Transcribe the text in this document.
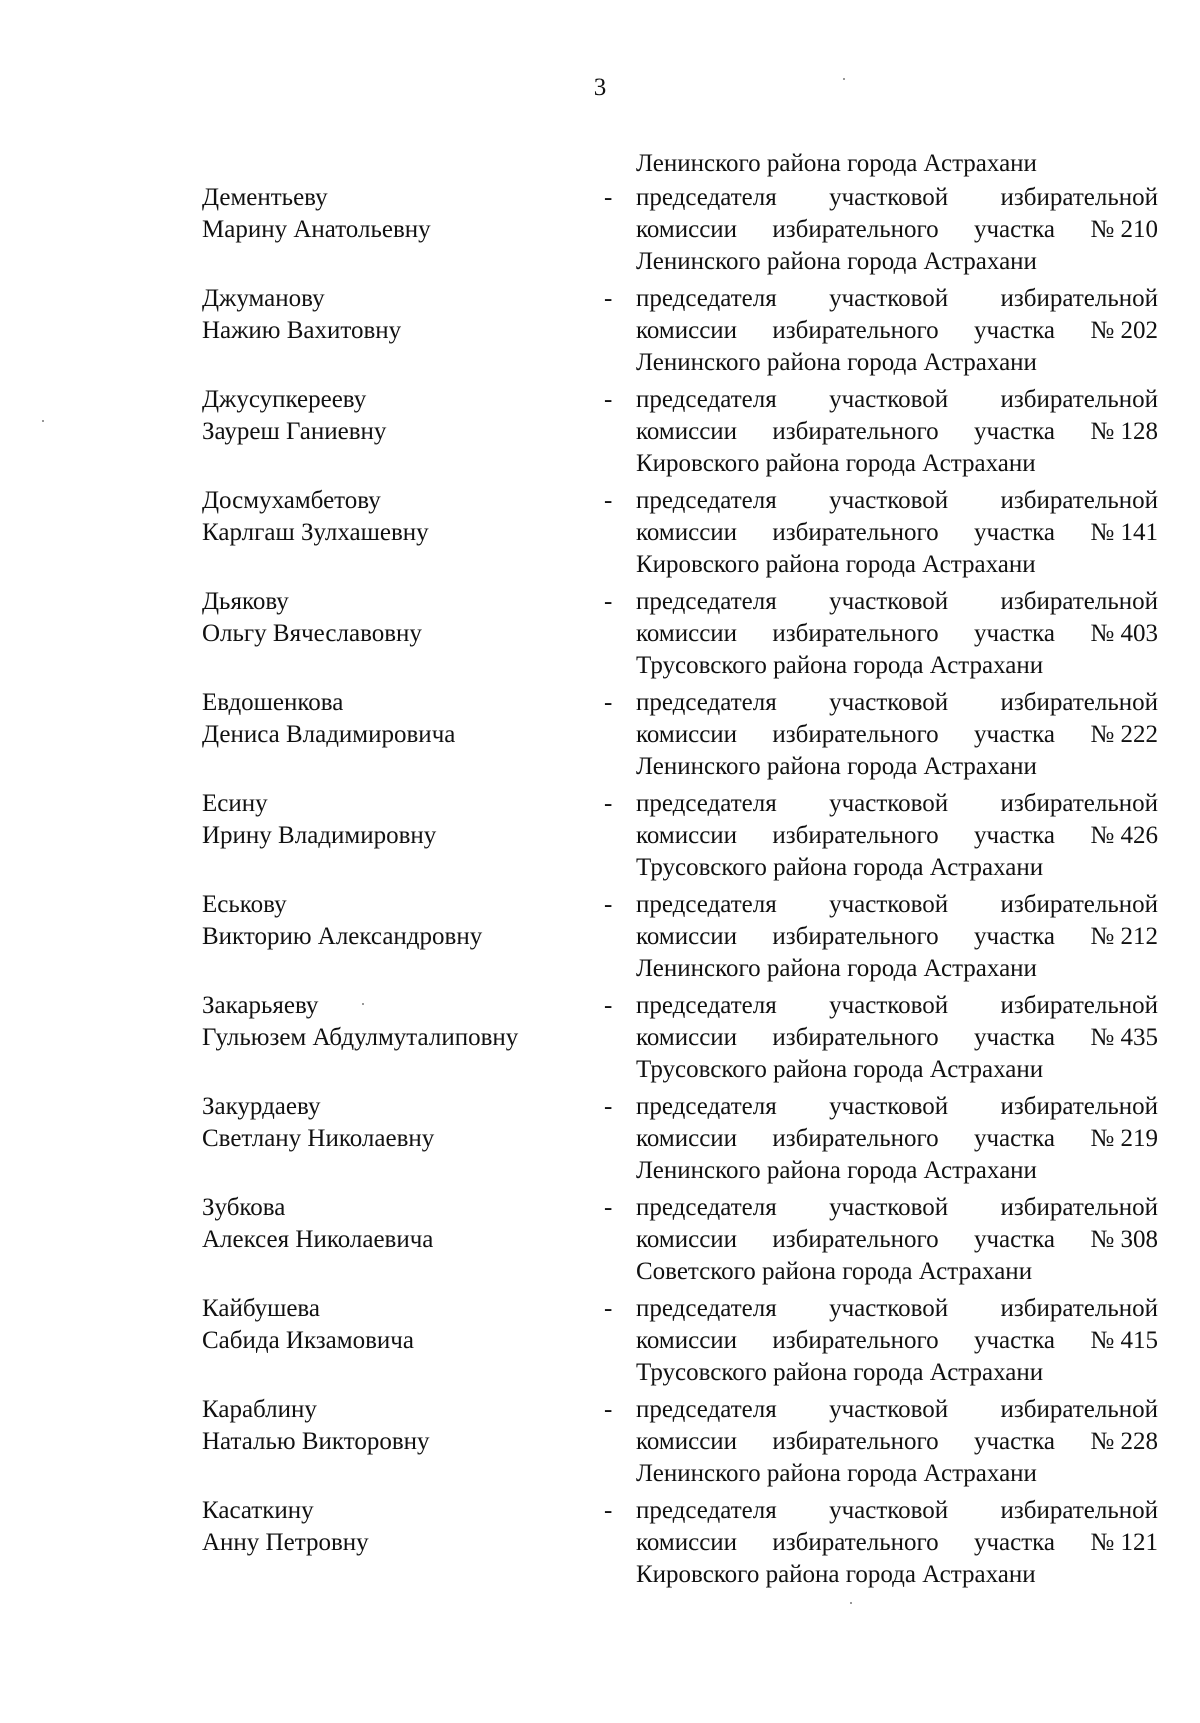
3
Ленинского района города Астрахани
Дементьеву
Марину Анатольевну
- председателя участковой избирательной
комиссии избирательного участка № 210
Ленинского района города Астрахани
Джуманову
Нажию Вахитовну
- председателя участковой избирательной
комиссии избирательного участка № 202
Ленинского района города Астрахани
Джусупкерееву
Зауреш Ганиевну
- председателя участковой избирательной
комиссии избирательного участка № 128
Кировского района города Астрахани
Досмухамбетову
Карлгаш Зулхашевну
- председателя участковой избирательной
комиссии избирательного участка № 141
Кировского района города Астрахани
Дьякову
Ольгу Вячеславовну
- председателя участковой избирательной
комиссии избирательного участка № 403
Трусовского района города Астрахани
Евдошенкова
Дениса Владимировича
- председателя участковой избирательной
комиссии избирательного участка № 222
Ленинского района города Астрахани
Есину
Ирину Владимировну
- председателя участковой избирательной
комиссии избирательного участка № 426
Трусовского района города Астрахани
Еськову
Викторию Александровну
- председателя участковой избирательной
комиссии избирательного участка № 212
Ленинского района города Астрахани
Закарьяеву
Гульюзем Абдулмуталиповну
- председателя участковой избирательной
комиссии избирательного участка № 435
Трусовского района города Астрахани
Закурдаеву
Светлану Николаевну
- председателя участковой избирательной
комиссии избирательного участка № 219
Ленинского района города Астрахани
Зубкова
Алексея Николаевича
- председателя участковой избирательной
комиссии избирательного участка № 308
Советского района города Астрахани
Кайбушева
Сабида Икзамовича
- председателя участковой избирательной
комиссии избирательного участка № 415
Трусовского района города Астрахани
Караблину
Наталью Викторовну
- председателя участковой избирательной
комиссии избирательного участка № 228
Ленинского района города Астрахани
Касаткину
Анну Петровну
- председателя участковой избирательной
комиссии избирательного участка № 121
Кировского района города Астрахани
